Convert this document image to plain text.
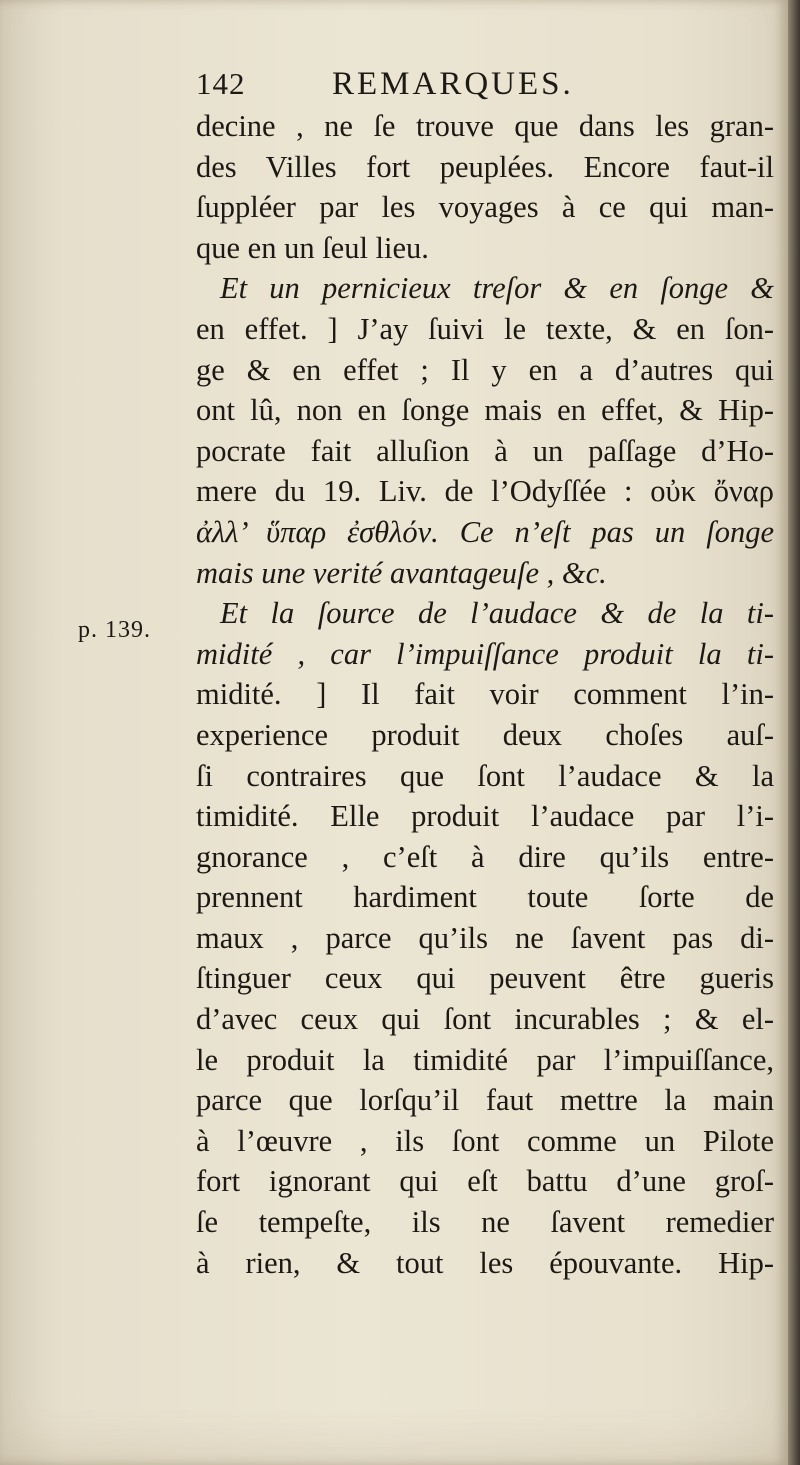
142	REMARQUES.
p. 139.
decine , ne ſe trouve que dans les gran-
des Villes fort peuplées. Encore faut-il
ſuppléer par les voyages à ce qui man-
que en un ſeul lieu.
Et un pernicieux treſor & en ſonge &
en effet. ] J’ay ſuivi le texte, & en ſon-
ge & en effet ; Il y en a d’autres qui
ont lû, non en ſonge mais en effet, & Hip-
pocrate fait alluſion à un paſſage d’Ho-
mere du 19. Liv. de l’Odyſſée : οὐκ ὄναρ
ἀλλ’ ὕπαρ ἐσθλόν. Ce n’eſt pas un ſonge
mais une verité avantageuſe , &c.
Et la ſource de l’audace & de la ti-
midité , car l’impuiſſance produit la ti-
midité. ] Il fait voir comment l’in-
experience produit deux choſes auſ-
ſi contraires que ſont l’audace & la
timidité. Elle produit l’audace par l’i-
gnorance , c’eſt à dire qu’ils entre-
prennent hardiment toute ſorte de
maux , parce qu’ils ne ſavent pas di-
ſtinguer ceux qui peuvent être gueris
d’avec ceux qui ſont incurables ; & el-
le produit la timidité par l’impuiſſance,
parce que lorſqu’il faut mettre la main
à l’œuvre , ils ſont comme un Pilote
fort ignorant qui eſt battu d’une groſ-
ſe tempeſte, ils ne ſavent remedier
à rien, & tout les épouvante. Hip-
